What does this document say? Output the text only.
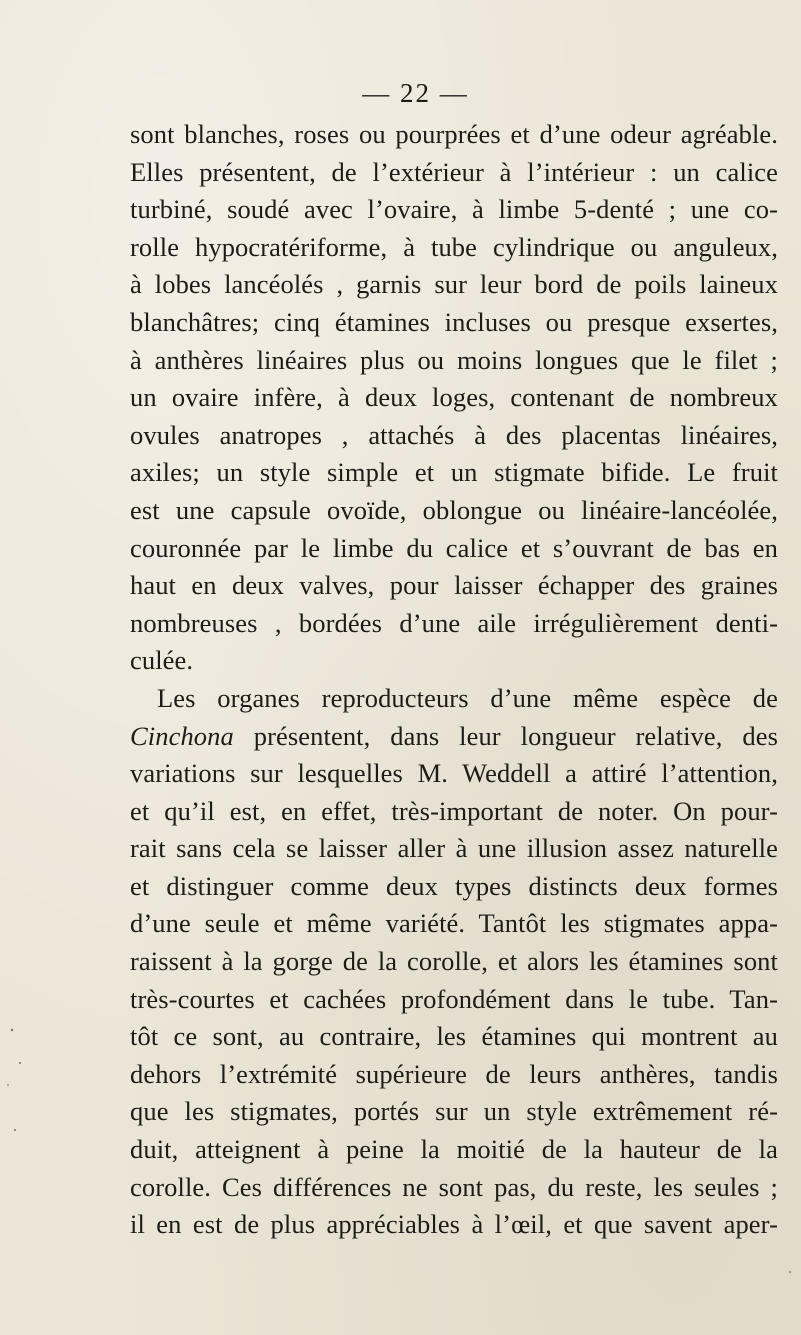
— 22 —
sont blanches, roses ou pourprées et d’une odeur agréable.
Elles présentent, de l’extérieur à l’intérieur : un calice
turbiné, soudé avec l’ovaire, à limbe 5-denté ; une co-
rolle hypocratériforme, à tube cylindrique ou anguleux,
à lobes lancéolés , garnis sur leur bord de poils laineux
blanchâtres; cinq étamines incluses ou presque exsertes,
à anthères linéaires plus ou moins longues que le filet ;
un ovaire infère, à deux loges, contenant de nombreux
ovules anatropes , attachés à des placentas linéaires,
axiles; un style simple et un stigmate bifide. Le fruit
est une capsule ovoïde, oblongue ou linéaire-lancéolée,
couronnée par le limbe du calice et s’ouvrant de bas en
haut en deux valves, pour laisser échapper des graines
nombreuses , bordées d’une aile irrégulièrement denti-
culée.
Les organes reproducteurs d’une même espèce de
Cinchona présentent, dans leur longueur relative, des
variations sur lesquelles M. Weddell a attiré l’attention,
et qu’il est, en effet, très-important de noter. On pour-
rait sans cela se laisser aller à une illusion assez naturelle
et distinguer comme deux types distincts deux formes
d’une seule et même variété. Tantôt les stigmates appa-
raissent à la gorge de la corolle, et alors les étamines sont
très-courtes et cachées profondément dans le tube. Tan-
tôt ce sont, au contraire, les étamines qui montrent au
dehors l’extrémité supérieure de leurs anthères, tandis
que les stigmates, portés sur un style extrêmement ré-
duit, atteignent à peine la moitié de la hauteur de la
corolle. Ces différences ne sont pas, du reste, les seules ;
il en est de plus appréciables à l’œil, et que savent aper-
